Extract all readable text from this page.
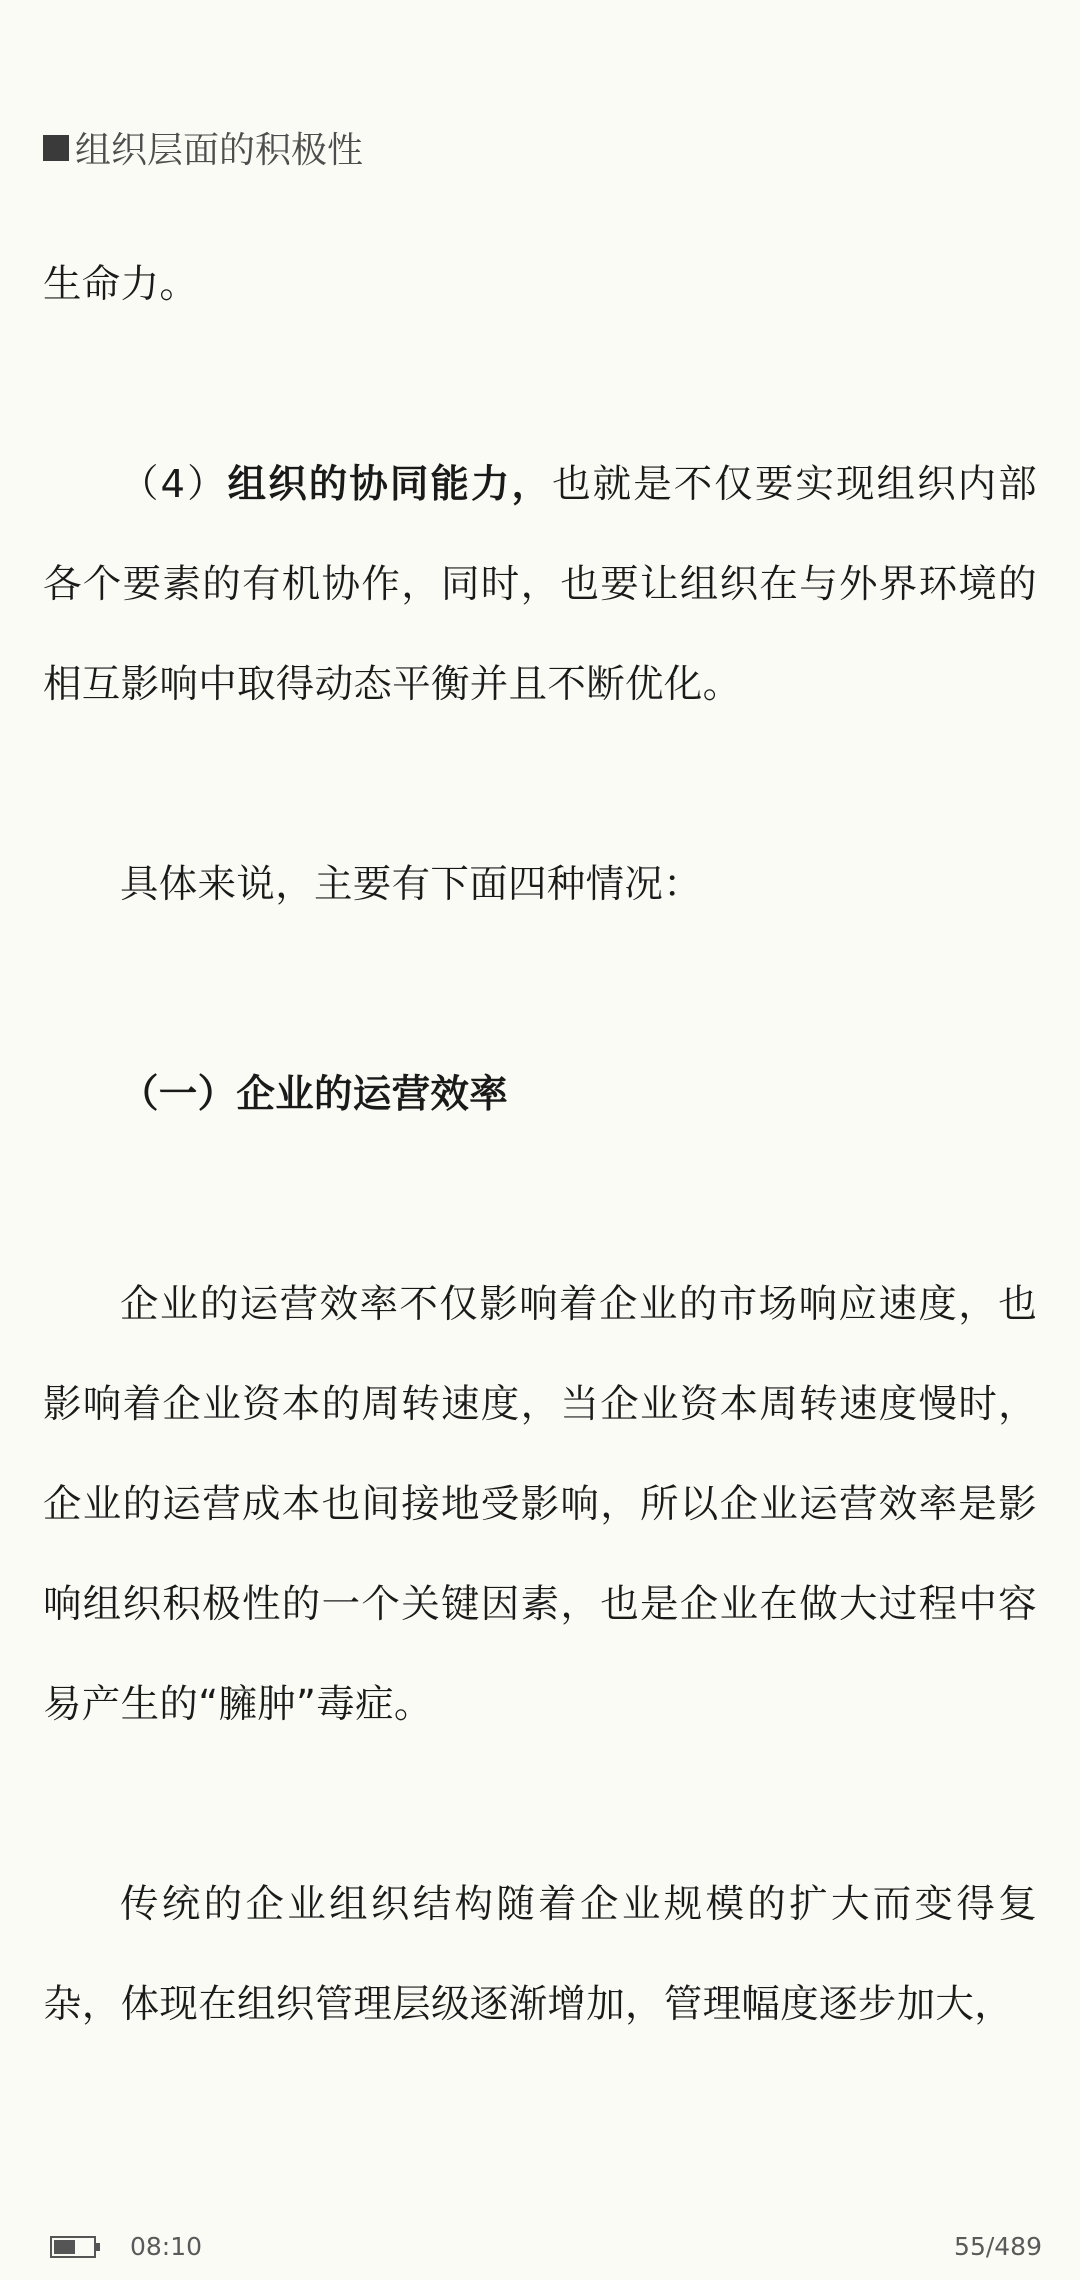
组织层面的积极性

生命力。

（4）组织的协同能力，也就是不仅要实现组织内部各个要素的有机协作，同时，也要让组织在与外界环境的相互影响中取得动态平衡并且不断优化。

具体来说，主要有下面四种情况：

（一）企业的运营效率

企业的运营效率不仅影响着企业的市场响应速度，也影响着企业资本的周转速度，当企业资本周转速度慢时，企业的运营成本也间接地受影响，所以企业运营效率是影响组织积极性的一个关键因素，也是企业在做大过程中容易产生的“臃肿”毒症。

传统的企业组织结构随着企业规模的扩大而变得复杂，体现在组织管理层级逐渐增加，管理幅度逐步加大，

08:10	55/489
